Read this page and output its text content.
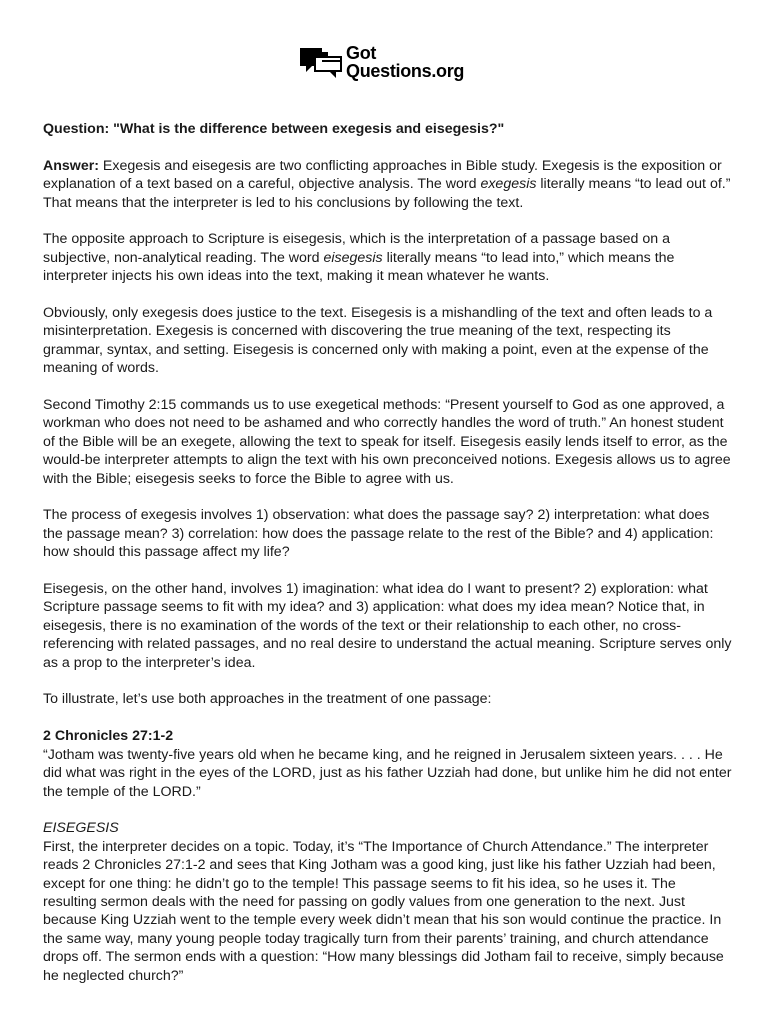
Got
Questions.org

Question: "What is the difference between exegesis and eisegesis?"

Answer: Exegesis and eisegesis are two conflicting approaches in Bible study. Exegesis is the exposition or explanation of a text based on a careful, objective analysis. The word exegesis literally means “to lead out of.” That means that the interpreter is led to his conclusions by following the text.

The opposite approach to Scripture is eisegesis, which is the interpretation of a passage based on a subjective, non-analytical reading. The word eisegesis literally means “to lead into,” which means the interpreter injects his own ideas into the text, making it mean whatever he wants.

Obviously, only exegesis does justice to the text. Eisegesis is a mishandling of the text and often leads to a misinterpretation. Exegesis is concerned with discovering the true meaning of the text, respecting its grammar, syntax, and setting. Eisegesis is concerned only with making a point, even at the expense of the meaning of words.

Second Timothy 2:15 commands us to use exegetical methods: “Present yourself to God as one approved, a workman who does not need to be ashamed and who correctly handles the word of truth.” An honest student of the Bible will be an exegete, allowing the text to speak for itself. Eisegesis easily lends itself to error, as the would-be interpreter attempts to align the text with his own preconceived notions. Exegesis allows us to agree with the Bible; eisegesis seeks to force the Bible to agree with us.

The process of exegesis involves 1) observation: what does the passage say? 2) interpretation: what does the passage mean? 3) correlation: how does the passage relate to the rest of the Bible? and 4) application: how should this passage affect my life?

Eisegesis, on the other hand, involves 1) imagination: what idea do I want to present? 2) exploration: what Scripture passage seems to fit with my idea? and 3) application: what does my idea mean? Notice that, in eisegesis, there is no examination of the words of the text or their relationship to each other, no cross-referencing with related passages, and no real desire to understand the actual meaning. Scripture serves only as a prop to the interpreter’s idea.

To illustrate, let’s use both approaches in the treatment of one passage:

2 Chronicles 27:1-2

“Jotham was twenty-five years old when he became king, and he reigned in Jerusalem sixteen years. . . . He did what was right in the eyes of the LORD, just as his father Uzziah had done, but unlike him he did not enter the temple of the LORD.”

EISEGESIS

First, the interpreter decides on a topic. Today, it’s “The Importance of Church Attendance.” The interpreter reads 2 Chronicles 27:1-2 and sees that King Jotham was a good king, just like his father Uzziah had been, except for one thing: he didn’t go to the temple! This passage seems to fit his idea, so he uses it. The resulting sermon deals with the need for passing on godly values from one generation to the next. Just because King Uzziah went to the temple every week didn’t mean that his son would continue the practice. In the same way, many young people today tragically turn from their parents’ training, and church attendance drops off. The sermon ends with a question: “How many blessings did Jotham fail to receive, simply because he neglected church?”
